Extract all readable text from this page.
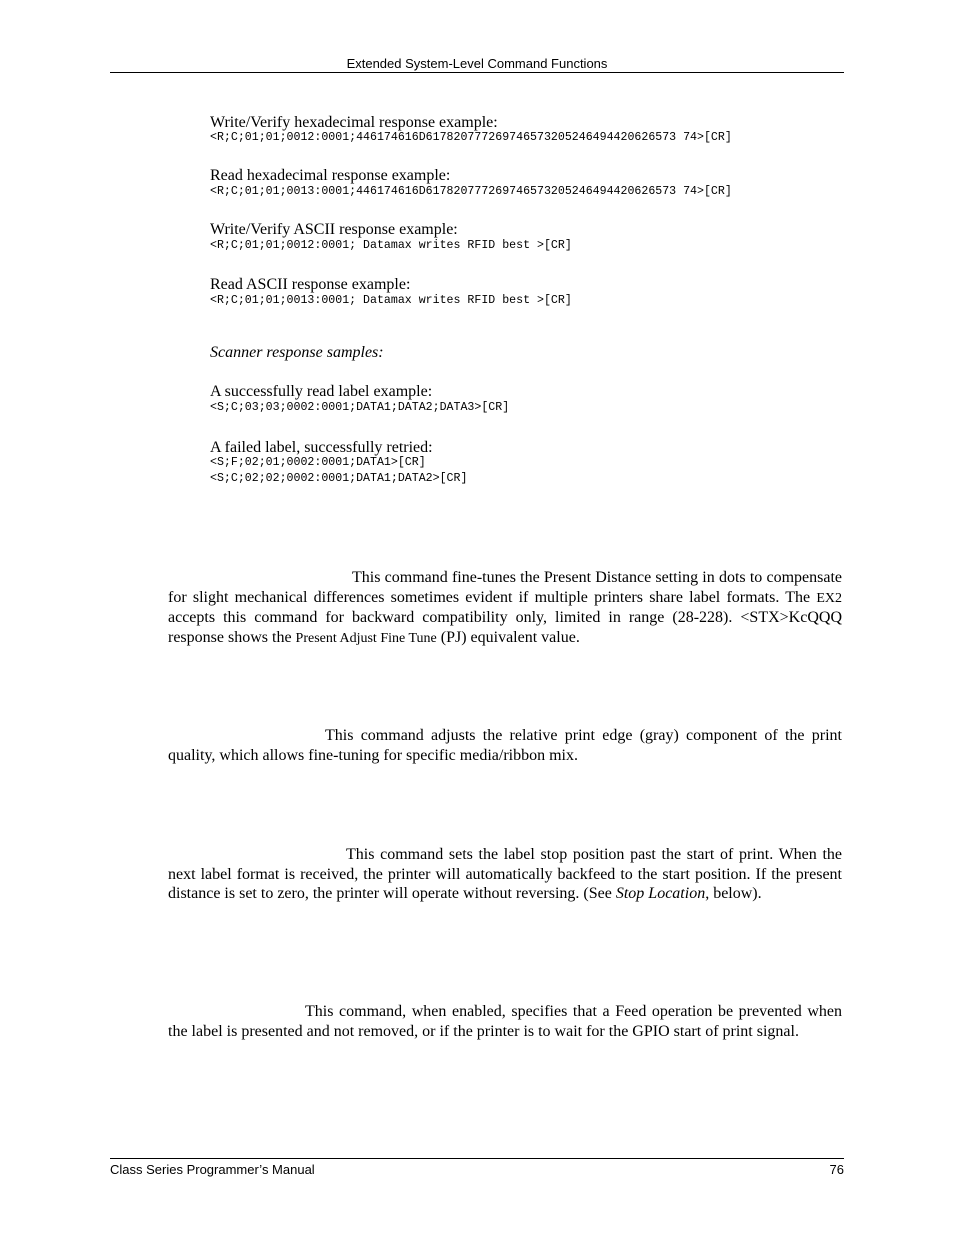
Extended System-Level Command Functions
Write/Verify hexadecimal response example:
<R;C;01;01;0012:0001;446174616D617820777269746573205246494420626573 74>[CR]
Read hexadecimal response example:
<R;C;01;01;0013:0001;446174616D617820777269746573205246494420626573 74>[CR]
Write/Verify ASCII response example:
<R;C;01;01;0012:0001; Datamax writes RFID best >[CR]
Read ASCII response example:
<R;C;01;01;0013:0001; Datamax writes RFID best >[CR]
Scanner response samples:
A successfully read label example:
<S;C;03;03;0002:0001;DATA1;DATA2;DATA3>[CR]
A failed label, successfully retried:
<S;F;02;01;0002:0001;DATA1>[CR]
<S;C;02;02;0002:0001;DATA1;DATA2>[CR]
This command fine-tunes the Present Distance setting in dots to compensate for slight mechanical differences sometimes evident if multiple printers share label formats. The EX2 accepts this command for backward compatibility only, limited in range (28-228). <STX>KcQQQ response shows the Present Adjust Fine Tune (PJ) equivalent value.
This command adjusts the relative print edge (gray) component of the print quality, which allows fine-tuning for specific media/ribbon mix.
This command sets the label stop position past the start of print. When the next label format is received, the printer will automatically backfeed to the start position. If the present distance is set to zero, the printer will operate without reversing. (See Stop Location, below).
This command, when enabled, specifies that a Feed operation be prevented when the label is presented and not removed, or if the printer is to wait for the GPIO start of print signal.
Class Series Programmer’s Manual	76
